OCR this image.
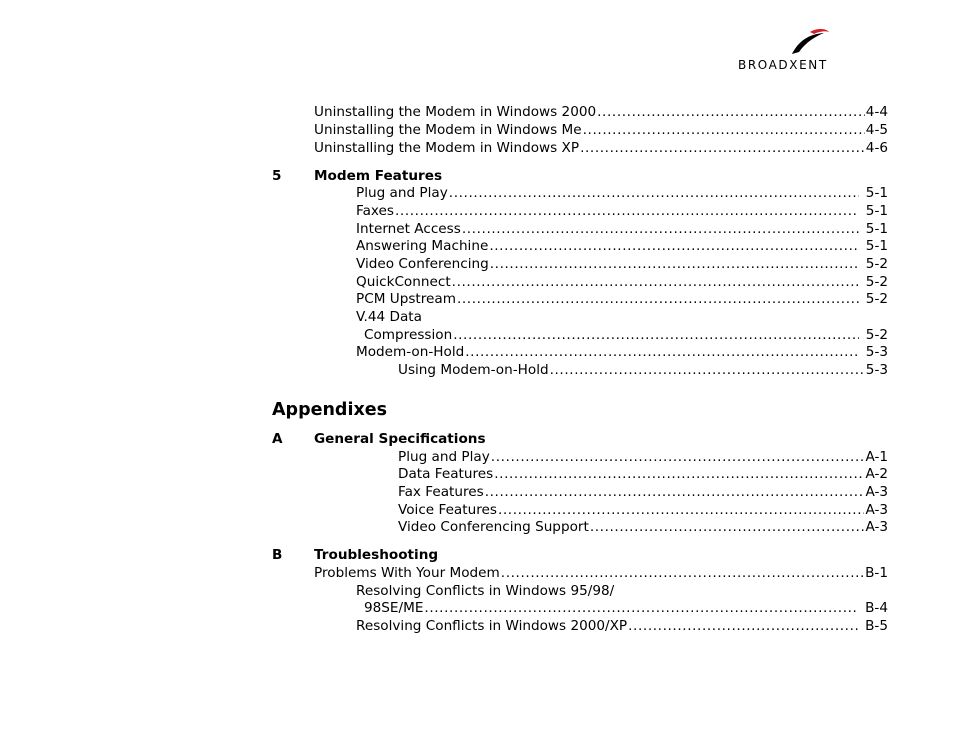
BROADXENT
Uninstalling the Modem in Windows 2000 .....	4-4
Uninstalling the Modem in Windows Me .....	4-5
Uninstalling the Modem in Windows XP .....	4-6
5 Modem Features
Plug and Play .....	5-1
Faxes .....	5-1
Internet Access .....	5-1
Answering Machine .....	5-1
Video Conferencing .....	5-2
QuickConnect .....	5-2
PCM Upstream .....	5-2
V.44 Data
Compression .....	5-2
Modem-on-Hold .....	5-3
Using Modem-on-Hold .....	5-3
Appendixes
A General Specifications
Plug and Play .....	A-1
Data Features .....	A-2
Fax Features .....	A-3
Voice Features .....	A-3
Video Conferencing Support .....	A-3
B Troubleshooting
Problems With Your Modem .....	B-1
Resolving Conflicts in Windows 95/98/
98SE/ME .....	B-4
Resolving Conflicts in Windows 2000/XP .....	B-5
